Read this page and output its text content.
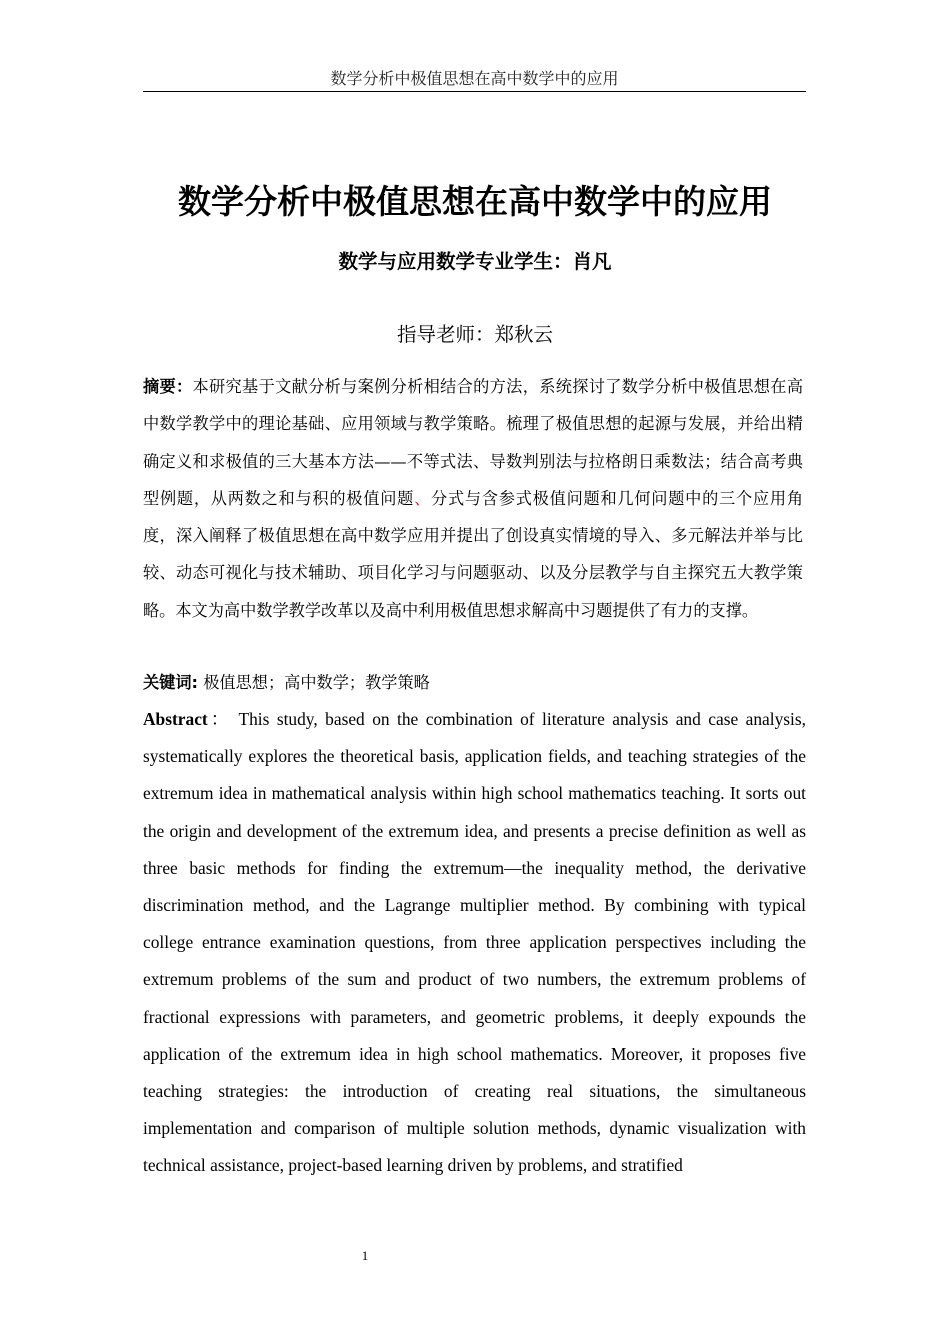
数学分析中极值思想在高中数学中的应用
数学分析中极值思想在高中数学中的应用
数学与应用数学专业学生：肖凡
指导老师：郑秋云

摘要：本研究基于文献分析与案例分析相结合的方法，系统探讨了数学分析中极值思想在高中数学教学中的理论基础、应用领域与教学策略。梳理了极值思想的起源与发展，并给出精确定义和求极值的三大基本方法——不等式法、导数判别法与拉格朗日乘数法；结合高考典型例题，从两数之和与积的极值问题、分式与含参式极值问题和几何问题中的三个应用角度，深入阐释了极值思想在高中数学应用并提出了创设真实情境的导入、多元解法并举与比较、动态可视化与技术辅助、项目化学习与问题驱动、以及分层教学与自主探究五大教学策略。本文为高中数学教学改革以及高中利用极值思想求解高中习题提供了有力的支撑。

关键词: 极值思想；高中数学；教学策略

Abstract： This study, based on the combination of literature analysis and case analysis, systematically explores the theoretical basis, application fields, and teaching strategies of the extremum idea in mathematical analysis within high school mathematics teaching. It sorts out the origin and development of the extremum idea, and presents a precise definition as well as three basic methods for finding the extremum—the inequality method, the derivative discrimination method, and the Lagrange multiplier method. By combining with typical college entrance examination questions, from three application perspectives including the extremum problems of the sum and product of two numbers, the extremum problems of fractional expressions with parameters, and geometric problems, it deeply expounds the application of the extremum idea in high school mathematics. Moreover, it proposes five teaching strategies: the introduction of creating real situations, the simultaneous implementation and comparison of multiple solution methods, dynamic visualization with technical assistance, project-based learning driven by problems, and stratified

1
